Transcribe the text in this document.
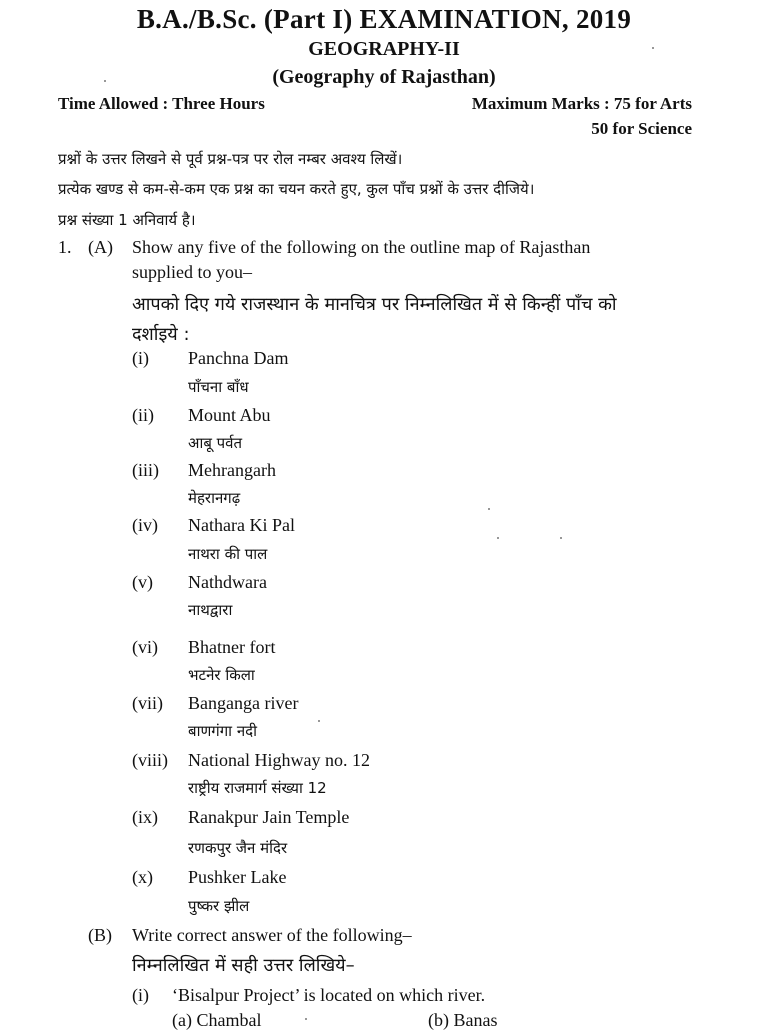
B.A./B.Sc. (Part I) EXAMINATION, 2019
GEOGRAPHY-II
(Geography of Rajasthan)
Time Allowed : Three Hours	Maximum Marks : 75 for Arts
50 for Science
प्रश्नों के उत्तर लिखने से पूर्व प्रश्न-पत्र पर रोल नम्बर अवश्य लिखें।
प्रत्येक खण्ड से कम-से-कम एक प्रश्न का चयन करते हुए, कुल पाँच प्रश्नों के उत्तर दीजिये।
प्रश्न संख्या 1 अनिवार्य है।
1. (A) Show any five of the following on the outline map of Rajasthan
supplied to you–
आपको दिए गये राजस्थान के मानचित्र पर निम्नलिखित में से किन्हीं पाँच को
दर्शाइये :
(i) Panchna Dam
पाँचना बाँध
(ii) Mount Abu
आबू पर्वत
(iii) Mehrangarh
मेहरानगढ़
(iv) Nathara Ki Pal
नाथरा की पाल
(v) Nathdwara
नाथद्वारा
(vi) Bhatner fort
भटनेर किला
(vii) Banganga river
बाणगंगा नदी
(viii) National Highway no. 12
राष्ट्रीय राजमार्ग संख्या 12
(ix) Ranakpur Jain Temple
रणकपुर जैन मंदिर
(x) Pushker Lake
पुष्कर झील
(B) Write correct answer of the following–
निम्नलिखित में सही उत्तर लिखिये–
(i) ‘Bisalpur Project’ is located on which river.
(a) Chambal	(b) Banas
